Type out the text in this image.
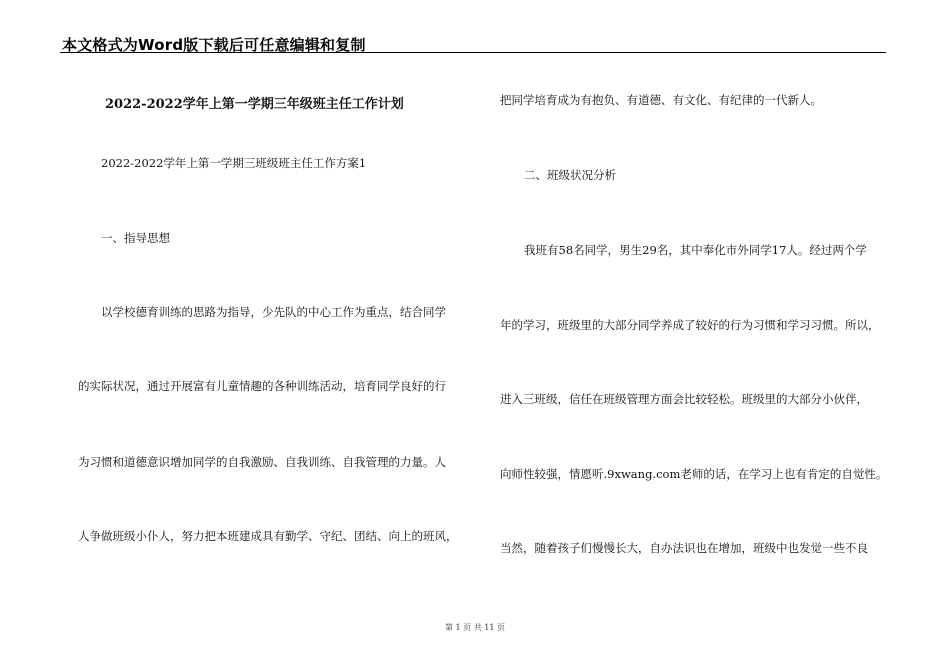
本文格式为Word版下载后可任意编辑和复制
2022-2022学年上第一学期三年级班主任工作计划
2022-2022学年上第一学期三班级班主任工作方案1
一、指导思想
以学校德育训练的思路为指导，少先队的中心工作为重点，结合同学
的实际状况，通过开展富有儿童情趣的各种训练活动，培育同学良好的行
为习惯和道德意识增加同学的自我激励、自我训练、自我管理的力量。人
人争做班级小仆人，努力把本班建成具有勤学、守纪、团结、向上的班风，
把同学培育成为有抱负、有道德、有文化、有纪律的一代新人。
二、班级状况分析
我班有58名同学，男生29名，其中奉化市外同学17人。经过两个学
年的学习，班级里的大部分同学养成了较好的行为习惯和学习习惯。所以，
进入三班级，信任在班级管理方面会比较轻松。班级里的大部分小伙伴，
向师性较强，情愿听.9xwang.com老师的话，在学习上也有肯定的自觉性。
当然，随着孩子们慢慢长大，自办法识也在增加，班级中也发觉一些不良
第 1 页 共 11 页
